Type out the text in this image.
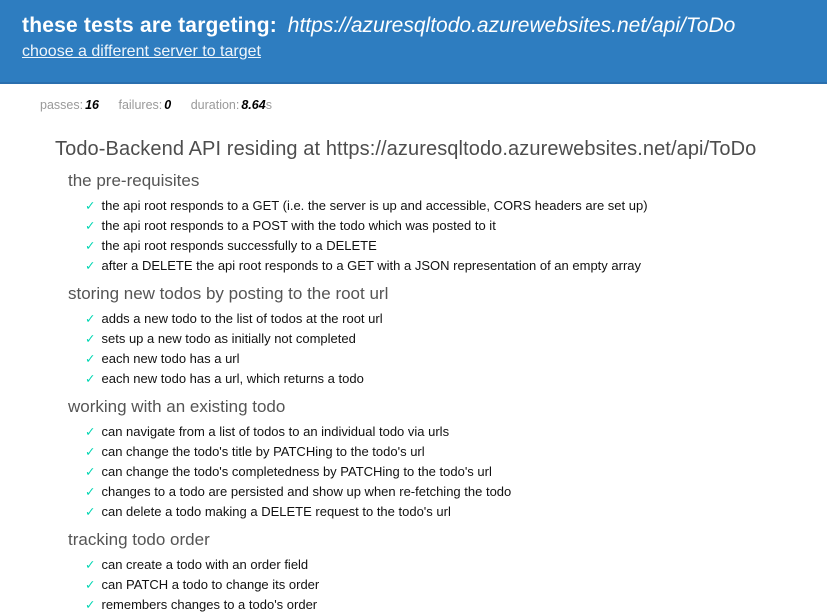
these tests are targeting: https://azuresqltodo.azurewebsites.net/api/ToDo
choose a different server to target
passes: 16 failures: 0 duration: 8.64s
Todo-Backend API residing at https://azuresqltodo.azurewebsites.net/api/ToDo
the pre-requisites
✓ the api root responds to a GET (i.e. the server is up and accessible, CORS headers are set up)
✓ the api root responds to a POST with the todo which was posted to it
✓ the api root responds successfully to a DELETE
✓ after a DELETE the api root responds to a GET with a JSON representation of an empty array
storing new todos by posting to the root url
✓ adds a new todo to the list of todos at the root url
✓ sets up a new todo as initially not completed
✓ each new todo has a url
✓ each new todo has a url, which returns a todo
working with an existing todo
✓ can navigate from a list of todos to an individual todo via urls
✓ can change the todo's title by PATCHing to the todo's url
✓ can change the todo's completedness by PATCHing to the todo's url
✓ changes to a todo are persisted and show up when re-fetching the todo
✓ can delete a todo making a DELETE request to the todo's url
tracking todo order
✓ can create a todo with an order field
✓ can PATCH a todo to change its order
✓ remembers changes to a todo's order
